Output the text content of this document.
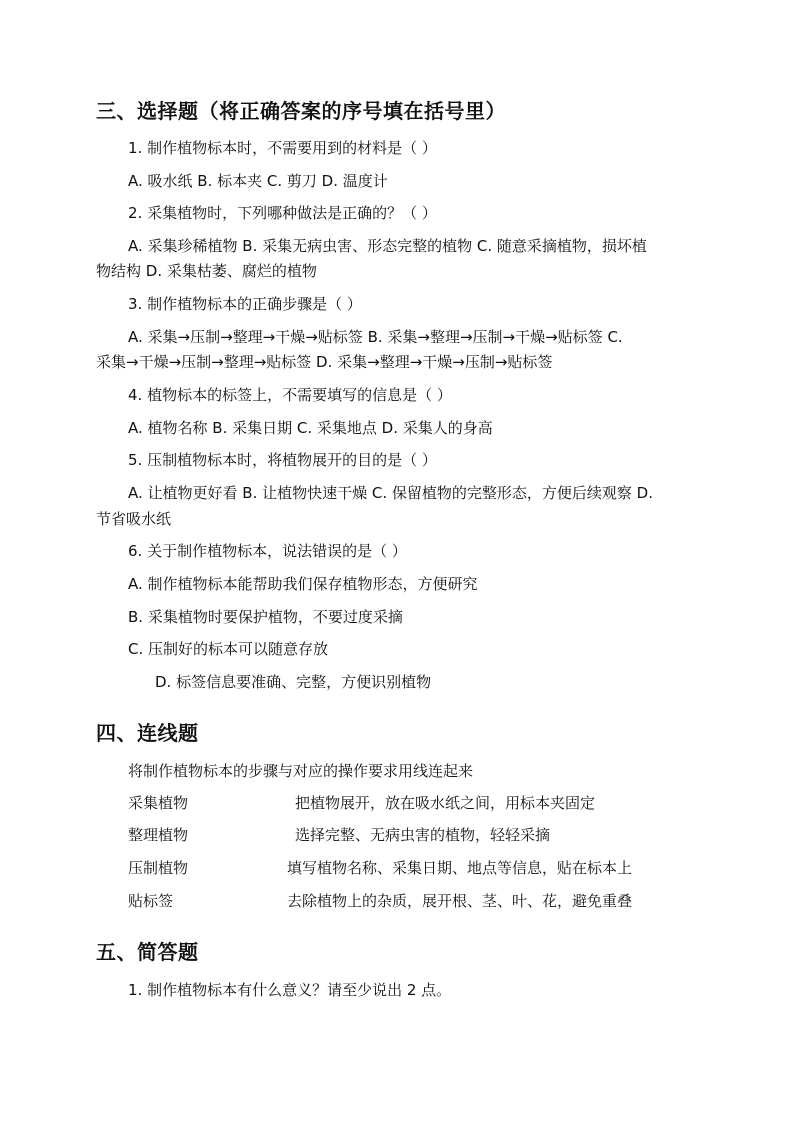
三、选择题（将正确答案的序号填在括号里）
1. 制作植物标本时，不需要用到的材料是（ ）
A. 吸水纸 B. 标本夹 C. 剪刀 D. 温度计
2. 采集植物时，下列哪种做法是正确的？（ ）
A. 采集珍稀植物 B. 采集无病虫害、形态完整的植物 C. 随意采摘植物，损坏植
物结构 D. 采集枯萎、腐烂的植物
3. 制作植物标本的正确步骤是（ ）
A. 采集→压制→整理→干燥→贴标签 B. 采集→整理→压制→干燥→贴标签 C.
采集→干燥→压制→整理→贴标签 D. 采集→整理→干燥→压制→贴标签
4. 植物标本的标签上，不需要填写的信息是（ ）
A. 植物名称 B. 采集日期 C. 采集地点 D. 采集人的身高
5. 压制植物标本时，将植物展开的目的是（ ）
A. 让植物更好看 B. 让植物快速干燥 C. 保留植物的完整形态，方便后续观察 D.
节省吸水纸
6. 关于制作植物标本，说法错误的是（ ）
A. 制作植物标本能帮助我们保存植物形态，方便研究
B. 采集植物时要保护植物，不要过度采摘
C. 压制好的标本可以随意存放
D. 标签信息要准确、完整，方便识别植物
四、连线题
将制作植物标本的步骤与对应的操作要求用线连起来
采集植物	把植物展开，放在吸水纸之间，用标本夹固定
整理植物	选择完整、无病虫害的植物，轻轻采摘
压制植物	填写植物名称、采集日期、地点等信息，贴在标本上
贴标签	去除植物上的杂质，展开根、茎、叶、花，避免重叠
五、简答题
1. 制作植物标本有什么意义？请至少说出 2 点。
